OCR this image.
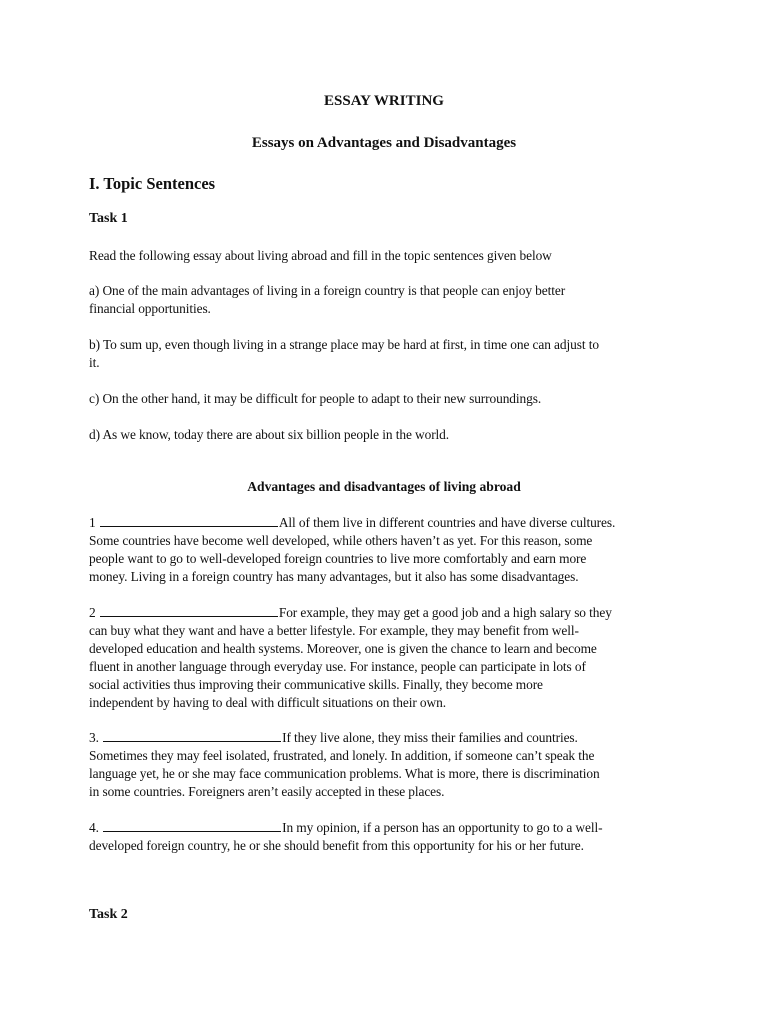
ESSAY WRITING
Essays on Advantages and Disadvantages
I. Topic Sentences
Task 1

Read the following essay about living abroad and fill in the topic sentences given below

a) One of the main advantages of living in a foreign country is that people can enjoy better

financial opportunities.

b) To sum up, even though living in a strange place may be hard at first, in time one can adjust to

it.

c) On the other hand, it may be difficult for people to adapt to their new surroundings.

d) As we know, today there are about six billion people in the world.

Advantages and disadvantages of living abroad

1	All of them live in different countries and have diverse cultures.

Some countries have become well developed, while others haven’t as yet. For this reason, some

people want to go to well-developed foreign countries to live more comfortably and earn more

money. Living in a foreign country has many advantages, but it also has some disadvantages.

2	For example, they may get a good job and a high salary so they

can buy what they want and have a better lifestyle. For example, they may benefit from well-

developed education and health systems. Moreover, one is given the chance to learn and become

fluent in another language through everyday use. For instance, people can participate in lots of

social activities thus improving their communicative skills. Finally, they become more

independent by having to deal with difficult situations on their own.

3.	If they live alone, they miss their families and countries.

Sometimes they may feel isolated, frustrated, and lonely. In addition, if someone can’t speak the

language yet, he or she may face communication problems. What is more, there is discrimination

in some countries. Foreigners aren’t easily accepted in these places.

4.	In my opinion, if a person has an opportunity to go to a well-

developed foreign country, he or she should benefit from this opportunity for his or her future.

Task 2
